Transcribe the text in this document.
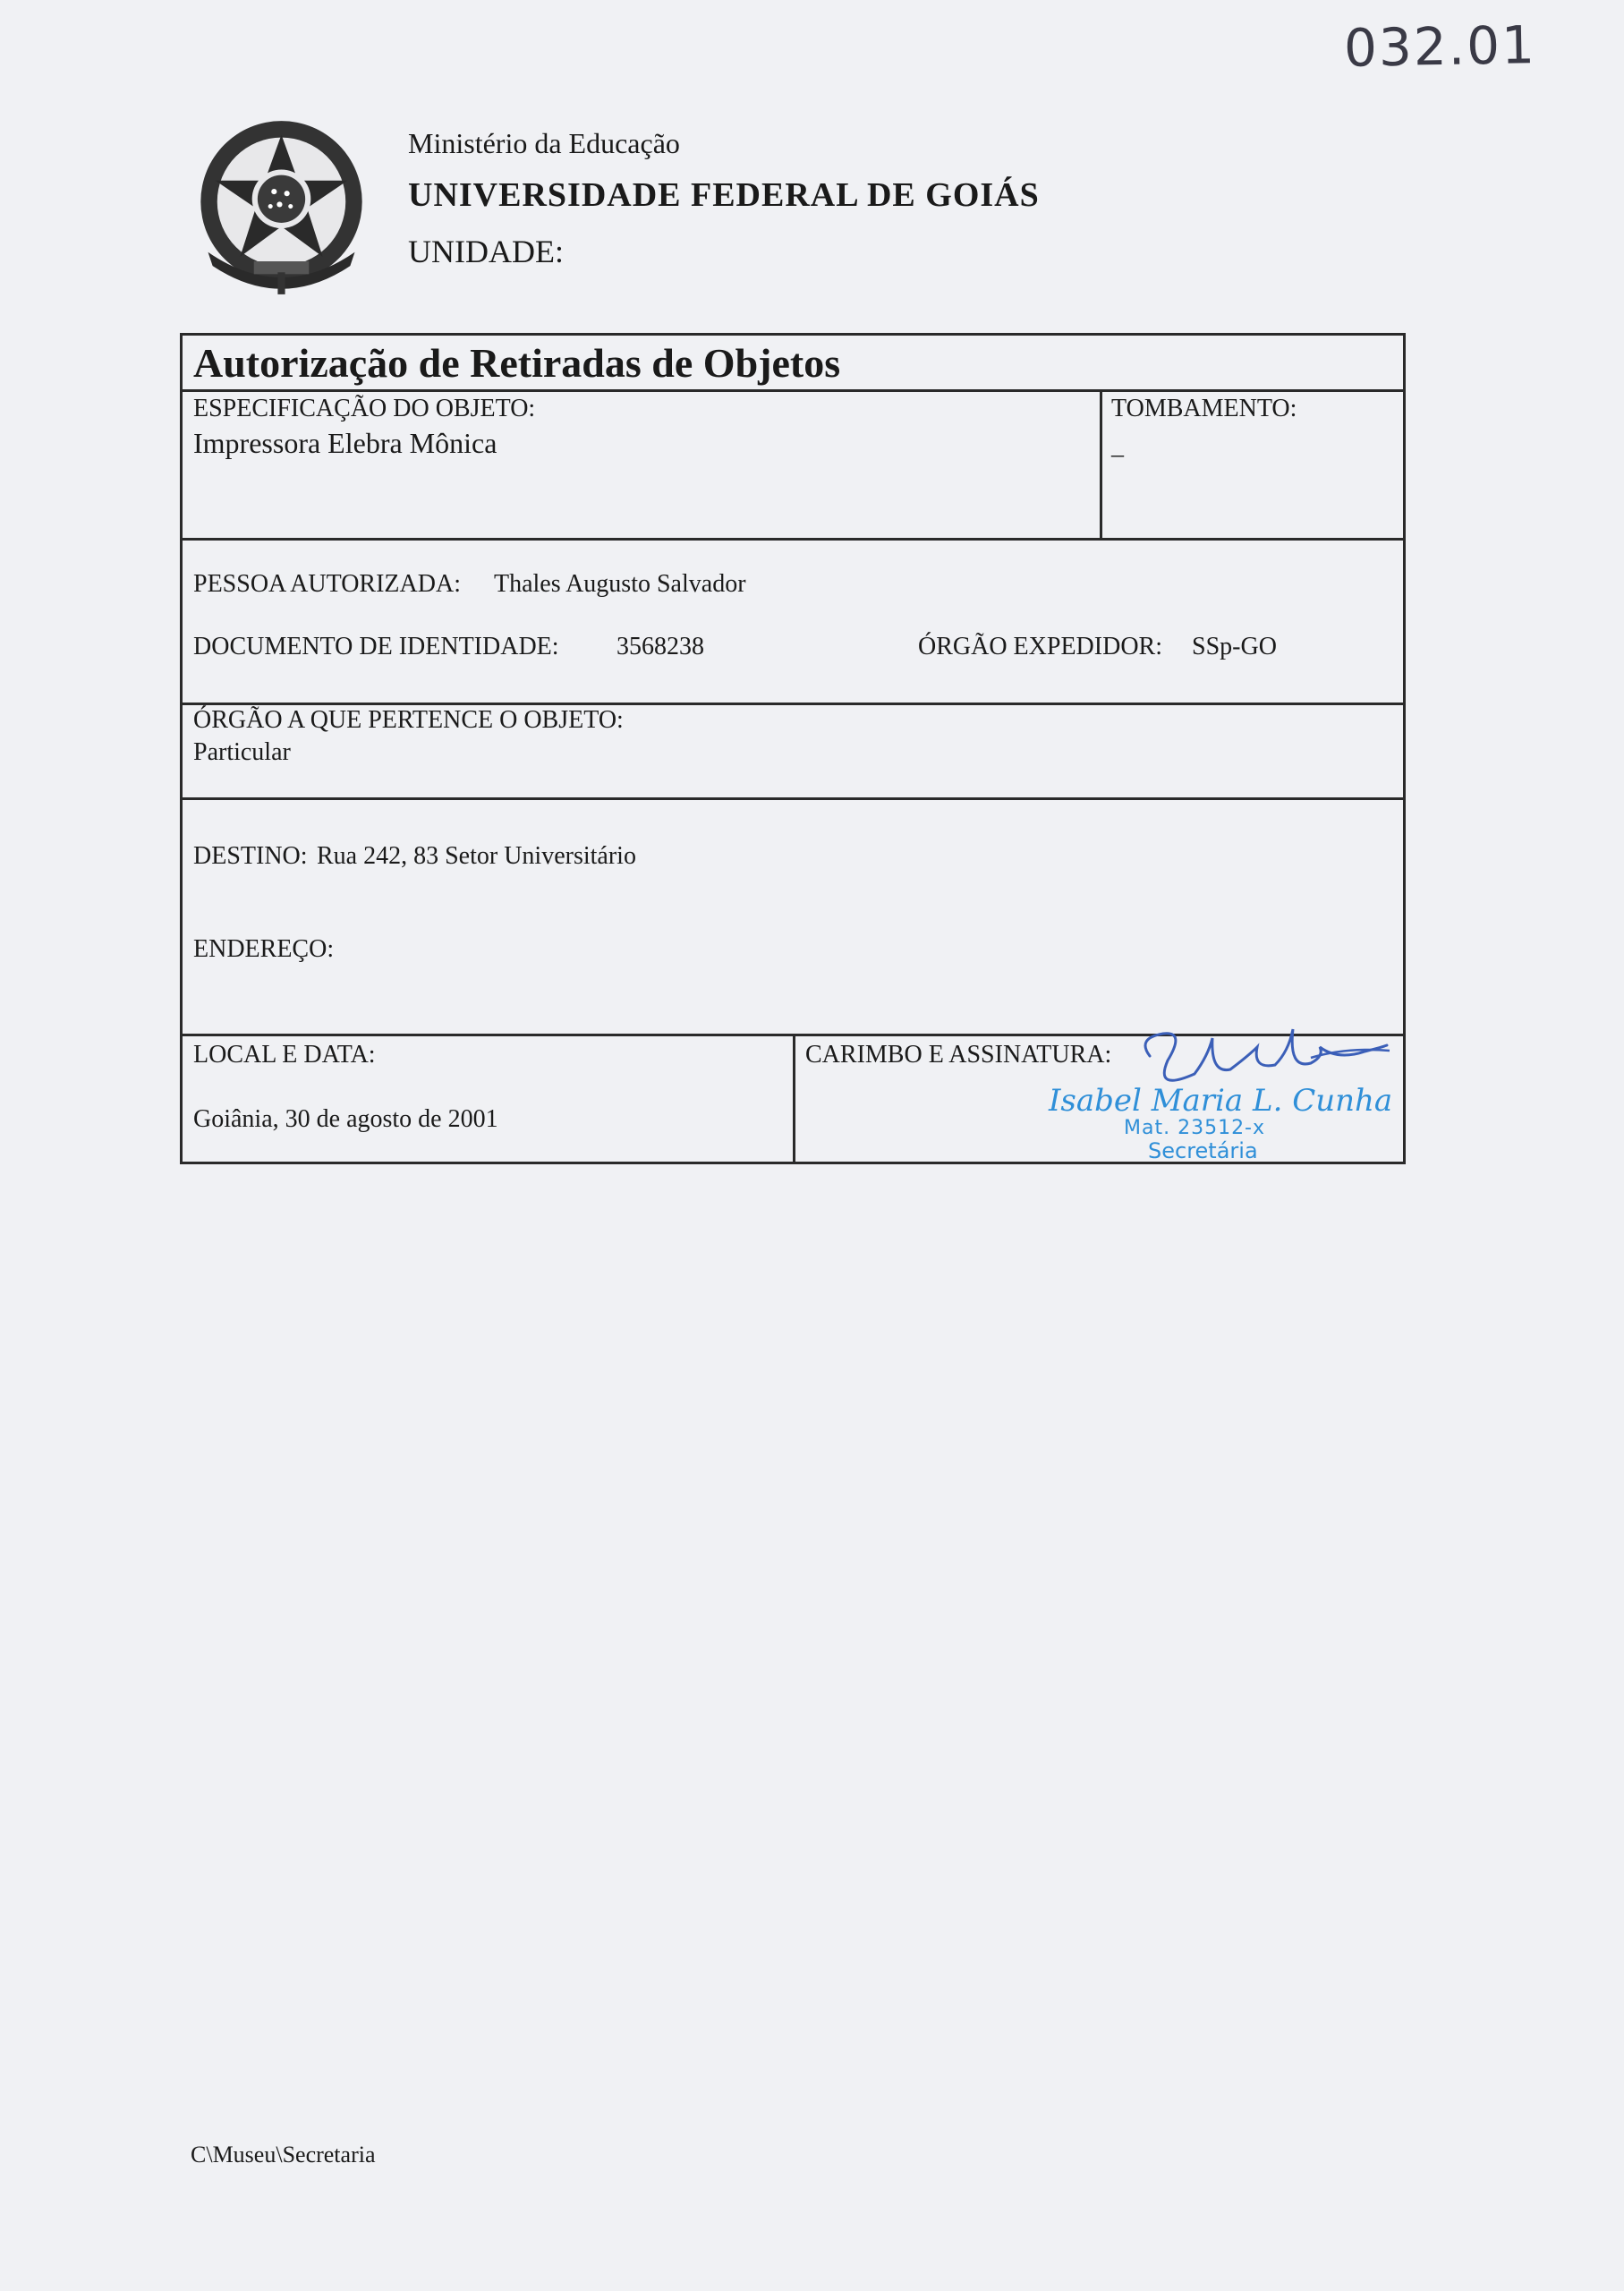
032.01
Ministério da Educação
UNIVERSIDADE FEDERAL DE GOIÁS
UNIDADE:
Autorização de Retiradas de Objetos
ESPECIFICAÇÃO DO OBJETO:
Impressora Elebra Mônica
TOMBAMENTO:
_
PESSOA AUTORIZADA: Thales Augusto Salvador
DOCUMENTO DE IDENTIDADE: 3568238	ÓRGÃO EXPEDIDOR: SSp-GO
ÓRGÃO A QUE PERTENCE O OBJETO:
Particular
DESTINO: Rua 242, 83 Setor Universitário
ENDEREÇO:
LOCAL E DATA:
Goiânia, 30 de agosto de 2001
CARIMBO E ASSINATURA:
Isabel Maria L. Cunha
Mat. 23512-x
Secretária
C\Museu\Secretaria
